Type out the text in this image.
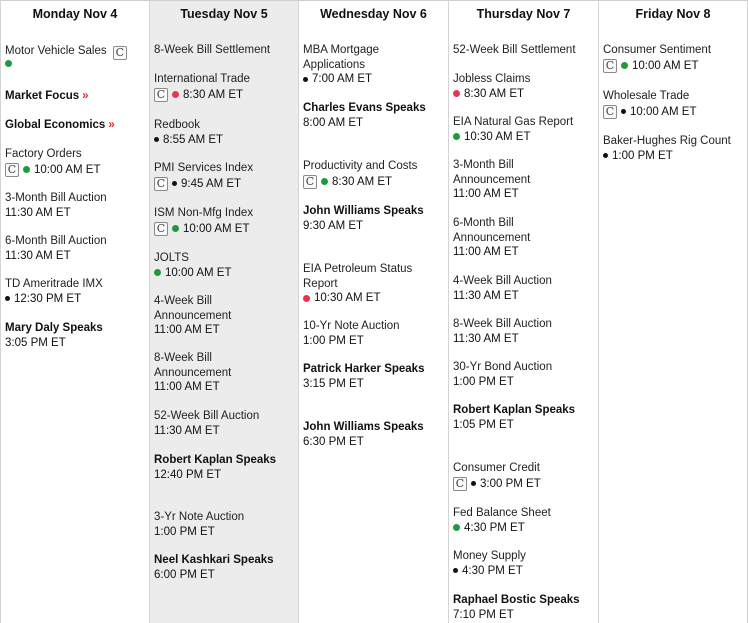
Monday Nov 4
Motor Vehicle Sales C
Market Focus »
Global Economics »
Factory Orders
C 10:00 AM ET
3-Month Bill Auction
11:30 AM ET
6-Month Bill Auction
11:30 AM ET
TD Ameritrade IMX
12:30 PM ET
Mary Daly Speaks
3:05 PM ET
Tuesday Nov 5
8-Week Bill Settlement
International Trade
C 8:30 AM ET
Redbook
8:55 AM ET
PMI Services Index
C 9:45 AM ET
ISM Non-Mfg Index
C 10:00 AM ET
JOLTS
10:00 AM ET
4-Week Bill Announcement
11:00 AM ET
8-Week Bill Announcement
11:00 AM ET
52-Week Bill Auction
11:30 AM ET
Robert Kaplan Speaks
12:40 PM ET
3-Yr Note Auction
1:00 PM ET
Neel Kashkari Speaks
6:00 PM ET
Wednesday Nov 6
MBA Mortgage Applications
7:00 AM ET
Charles Evans Speaks
8:00 AM ET
Productivity and Costs
C 8:30 AM ET
John Williams Speaks
9:30 AM ET
EIA Petroleum Status Report
10:30 AM ET
10-Yr Note Auction
1:00 PM ET
Patrick Harker Speaks
3:15 PM ET
John Williams Speaks
6:30 PM ET
Thursday Nov 7
52-Week Bill Settlement
Jobless Claims
8:30 AM ET
EIA Natural Gas Report
10:30 AM ET
3-Month Bill Announcement
11:00 AM ET
6-Month Bill Announcement
11:00 AM ET
4-Week Bill Auction
11:30 AM ET
8-Week Bill Auction
11:30 AM ET
30-Yr Bond Auction
1:00 PM ET
Robert Kaplan Speaks
1:05 PM ET
Consumer Credit
C 3:00 PM ET
Fed Balance Sheet
4:30 PM ET
Money Supply
4:30 PM ET
Raphael Bostic Speaks
7:10 PM ET
Friday Nov 8
Consumer Sentiment
C 10:00 AM ET
Wholesale Trade
C 10:00 AM ET
Baker-Hughes Rig Count
1:00 PM ET
